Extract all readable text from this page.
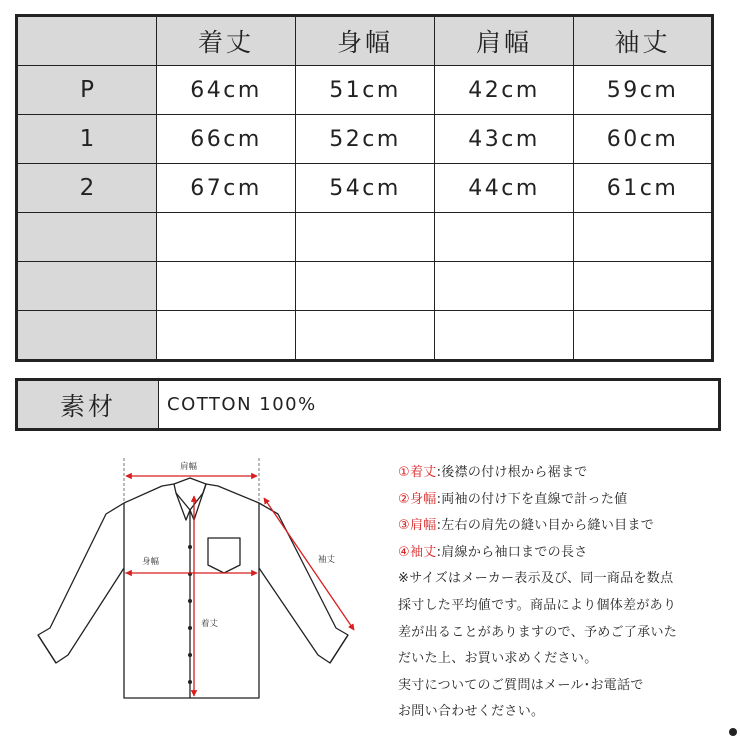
	着丈	身幅	肩幅	袖丈
P	64cm	51cm	42cm	59cm
1	66cm	52cm	43cm	60cm
2	67cm	54cm	44cm	61cm

素材	COTTON 100%
肩幅
身幅
着丈
袖丈
①着丈:後襟の付け根から裾まで
②身幅:両袖の付け下を直線で計った値
③肩幅:左右の肩先の縫い目から縫い目まで
④袖丈:肩線から袖口までの長さ
※サイズはメーカー表示及び、同一商品を数点
採寸した平均値です。商品により個体差があり
差が出ることがありますので、予めご了承いた
だいた上、お買い求めください。
実寸についてのご質問はメール･お電話で
お問い合わせください。
